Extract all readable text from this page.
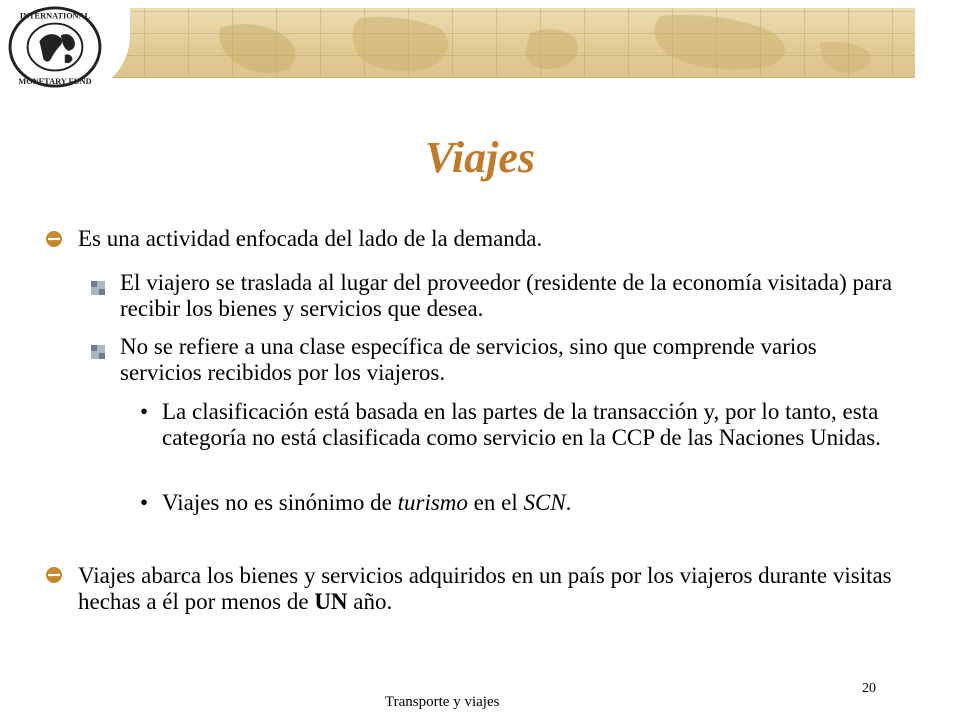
INTERNATIONAL
MONETARY FUND
Viajes
Es una actividad enfocada del lado de la demanda.
El viajero se traslada al lugar del proveedor (residente de la economía visitada) para recibir los bienes y servicios que desea.
No se refiere a una clase específica de servicios, sino que comprende varios servicios recibidos por los viajeros.
• La clasificación está basada en las partes de la transacción y, por lo tanto, esta categoría no está clasificada como servicio en la CCP de las Naciones Unidas.
• Viajes no es sinónimo de turismo en el SCN.
Viajes abarca los bienes y servicios adquiridos en un país por los viajeros durante visitas hechas a él por menos de UN año.
Transporte y viajes
20
